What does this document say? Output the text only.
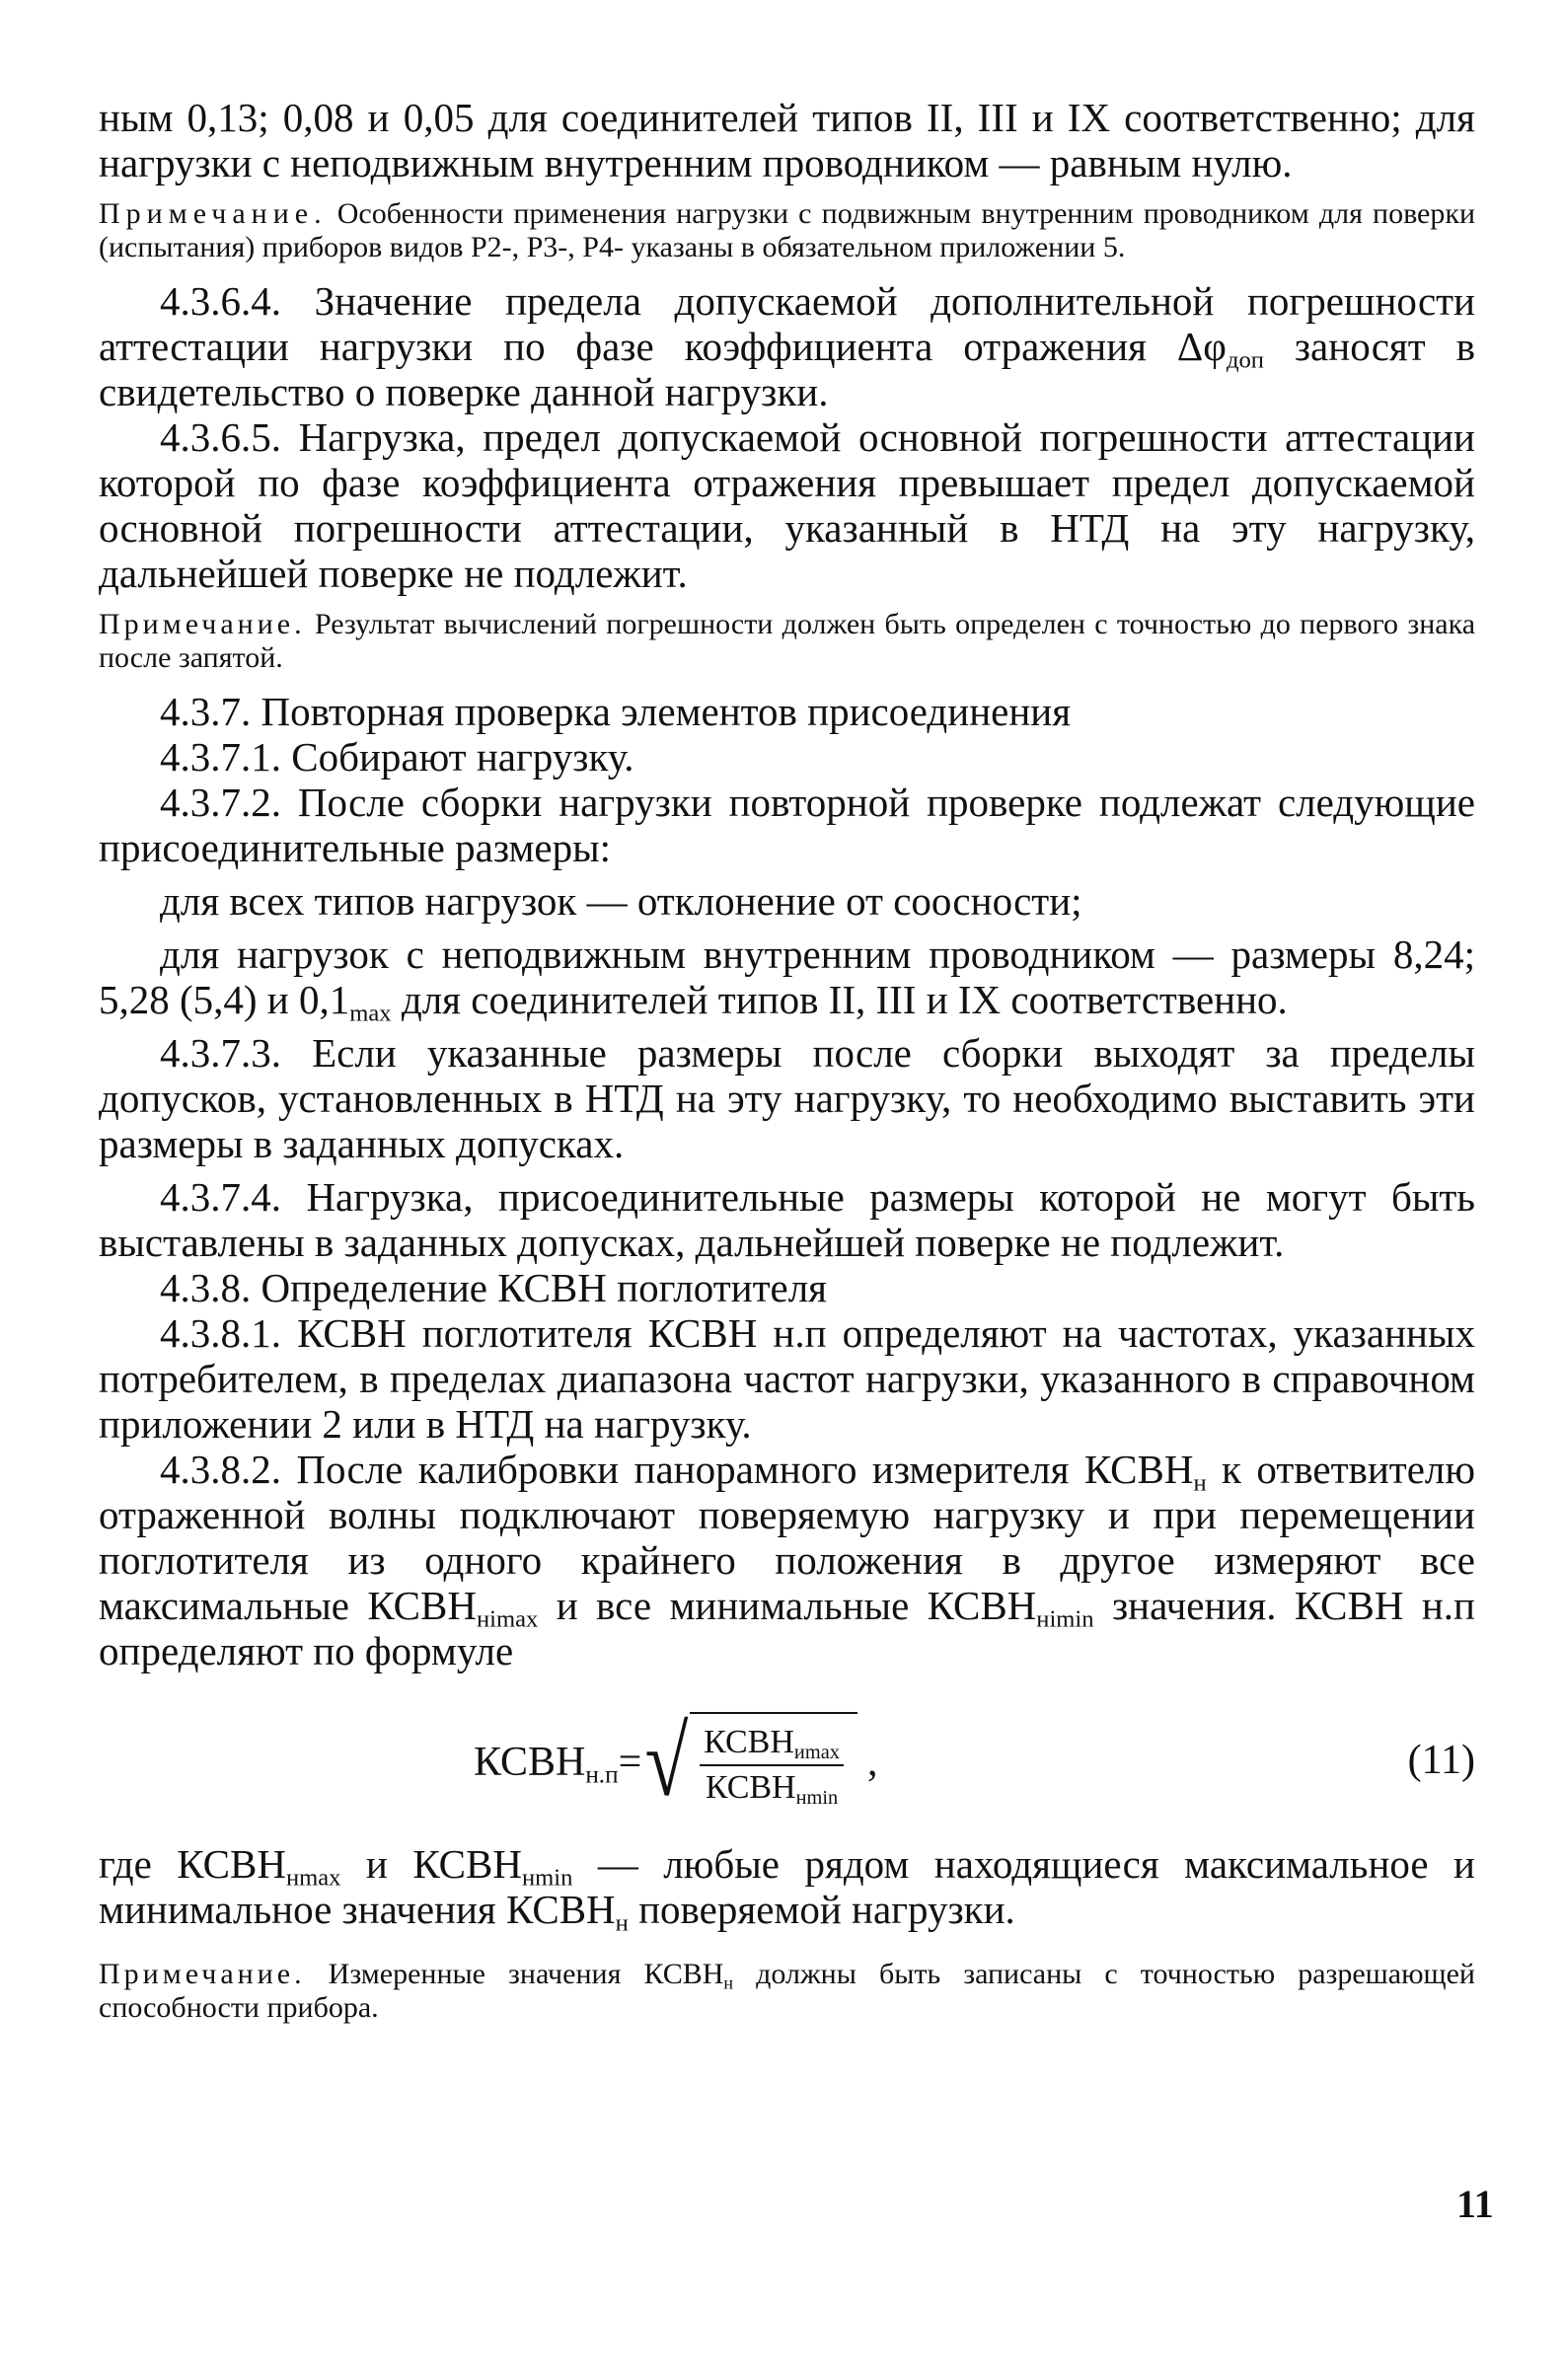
ным 0,13; 0,08 и 0,05 для соединителей типов II, III и IX соответственно; для нагрузки с неподвижным внутренним проводником — равным нулю.

Примечание. Особенности применения нагрузки с подвижным внутренним проводником для поверки (испытания) приборов видов Р2-, Р3-, Р4- указаны в обязательном приложении 5.

4.3.6.4. Значение предела допускаемой дополнительной погрешности аттестации нагрузки по фазе коэффициента отражения $\Delta\varphi_{доп}$ заносят в свидетельство о поверке данной нагрузки.

4.3.6.5. Нагрузка, предел допускаемой основной погрешности аттестации которой по фазе коэффициента отражения превышает предел допускаемой основной погрешности аттестации, указанный в НТД на эту нагрузку, дальнейшей поверке не подлежит.

Примечание. Результат вычислений погрешности должен быть определен с точностью до первого знака после запятой.

4.3.7. Повторная проверка элементов присоединения

4.3.7.1. Собирают нагрузку.

4.3.7.2. После сборки нагрузки повторной проверке подлежат следующие присоединительные размеры:

для всех типов нагрузок — отклонение от соосности;

для нагрузок с неподвижным внутренним проводником — размеры 8,24; 5,28 (5,4) и $0,1_{max}$ для соединителей типов II, III и IX соответственно.

4.3.7.3. Если указанные размеры после сборки выходят за пределы допусков, установленных в НТД на эту нагрузку, то необходимо выставить эти размеры в заданных допусках.

4.3.7.4. Нагрузка, присоединительные размеры которой не могут быть выставлены в заданных допусках, дальнейшей поверке не подлежит.

4.3.8. Определение КСВН поглотителя

4.3.8.1. КСВН поглотителя КСВН н.п определяют на частотах, указанных потребителем, в пределах диапазона частот нагрузки, указанного в справочном приложении 2 или в НТД на нагрузку.

4.3.8.2. После калибровки панорамного измерителя $КСВН_н$ к ответвителю отраженной волны подключают поверяемую нагрузку и при перемещении поглотителя из одного крайнего положения в другое измеряют все максимальные $КСВН_{нimax}$ и все минимальные $КСВН_{нimin}$ значения. КСВН н.п определяют по формуле

$КСВН_{н.п}$ = √ $\frac{КСВН_{иmax}}{КСВН_{нmin}}$ ,	(11)

где $КСВН_{нmax}$ и $КСВН_{нmin}$ — любые рядом находящиеся максимальное и минимальное значения $КСВН_н$ поверяемой нагрузки.

Примечание. Измеренные значения $КСВН_н$ должны быть записаны с точностью разрешающей способности прибора.

11
